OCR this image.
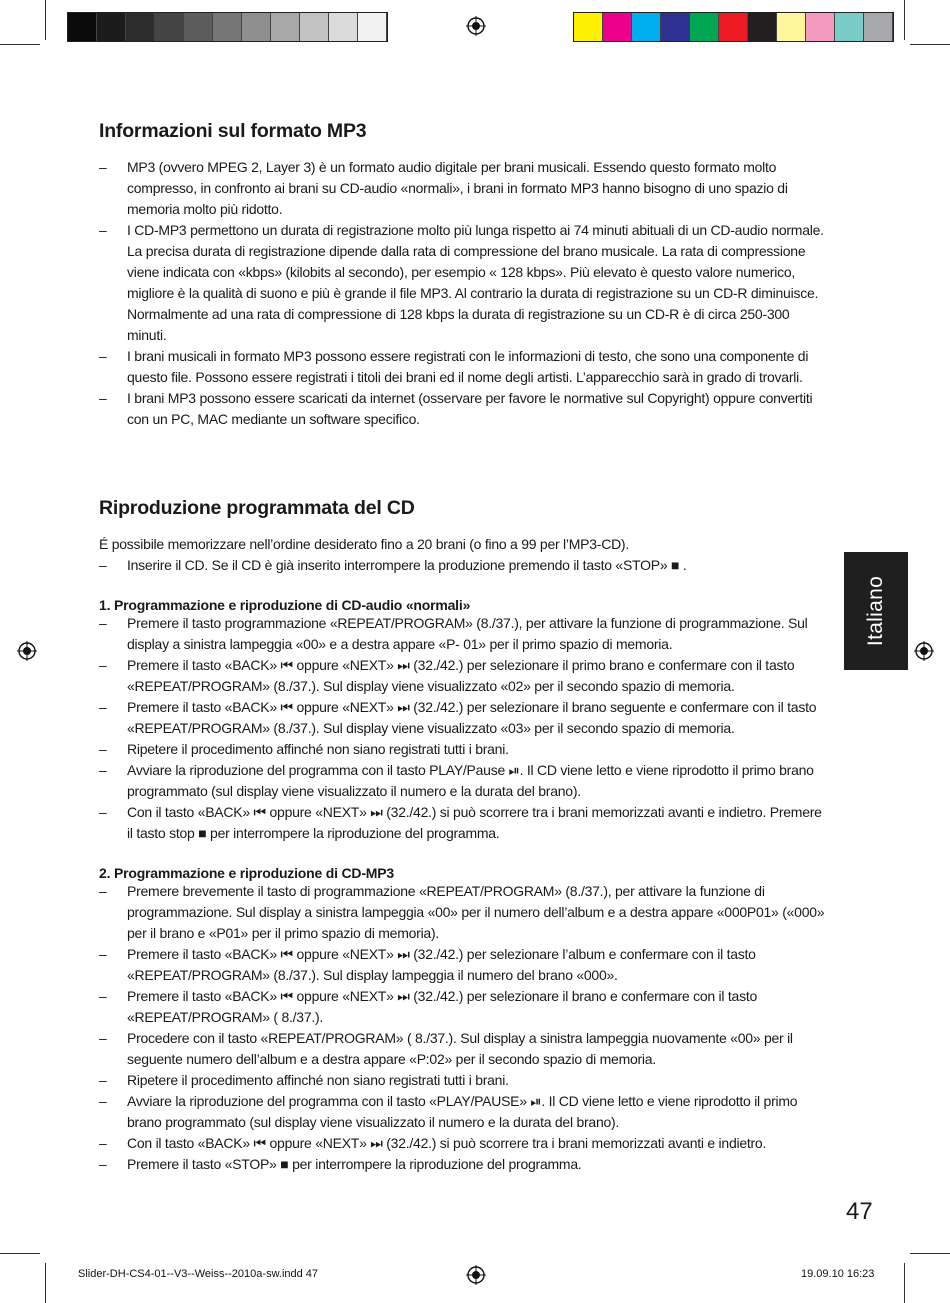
Italiano
Informazioni sul formato MP3
– MP3 (ovvero MPEG 2, Layer 3) è un formato audio digitale per brani musicali. Essendo questo formato molto compresso, in confronto ai brani su CD-audio «normali», i brani in formato MP3 hanno bisogno di uno spazio di memoria molto più ridotto.
– I CD-MP3 permettono un durata di registrazione molto più lunga rispetto ai 74 minuti abituali di un CD-audio normale. La precisa durata di registrazione dipende dalla rata di compressione del brano musicale. La rata di compressione viene indicata con «kbps» (kilobits al secondo), per esempio « 128 kbps». Più elevato è questo valore numerico, migliore è la qualità di suono e più è grande il file MP3. Al contrario la durata di registrazione su un CD-R diminuisce. Normalmente ad una rata di compressione di 128 kbps la durata di registrazione su un CD-R è di circa 250-300 minuti.
– I brani musicali in formato MP3 possono essere registrati con le informazioni di testo, che sono una componente di questo file. Possono essere registrati i titoli dei brani ed il nome degli artisti. L’apparecchio sarà in grado di trovarli.
– I brani MP3 possono essere scaricati da internet (osservare per favore le normative sul Copyright) oppure convertiti con un PC, MAC mediante un software specifico.
Riproduzione programmata del CD
É possibile memorizzare nell’ordine desiderato fino a 20 brani (o fino a 99 per l’MP3-CD).
– Inserire il CD. Se il CD è già inserito interrompere la produzione premendo il tasto «STOP» ■ .
1. Programmazione e riproduzione di CD-audio «normali»
– Premere il tasto programmazione «REPEAT/PROGRAM» (8./37.), per attivare la funzione di programmazione. Sul display a sinistra lampeggia «00» e a destra appare «P- 01» per il primo spazio di memoria.
– Premere il tasto «BACK» ⏮ oppure «NEXT» ⏭ (32./42.) per selezionare il primo brano e confermare con il tasto «REPEAT/PROGRAM» (8./37.). Sul display viene visualizzato «02» per il secondo spazio di memoria.
– Premere il tasto «BACK» ⏮ oppure «NEXT» ⏭ (32./42.) per selezionare il brano seguente e confermare con il tasto «REPEAT/PROGRAM» (8./37.). Sul display viene visualizzato «03» per il secondo spazio di memoria.
– Ripetere il procedimento affinché non siano registrati tutti i brani.
– Avviare la riproduzione del programma con il tasto PLAY/Pause ⏯. Il CD viene letto e viene riprodotto il primo brano programmato (sul display viene visualizzato il numero e la durata del brano).
– Con il tasto «BACK» ⏮ oppure «NEXT» ⏭ (32./42.) si può scorrere tra i brani memorizzati avanti e indietro. Premere il tasto stop ■ per interrompere la riproduzione del programma.
2. Programmazione e riproduzione di CD-MP3
– Premere brevemente il tasto di programmazione «REPEAT/PROGRAM» (8./37.), per attivare la funzione di programmazione. Sul display a sinistra lampeggia «00» per il numero dell’album e a destra appare «000P01» («000» per il brano e «P01» per il primo spazio di memoria).
– Premere il tasto «BACK» ⏮ oppure «NEXT» ⏭ (32./42.) per selezionare l’album e confermare con il tasto «REPEAT/PROGRAM» (8./37.). Sul display lampeggia il numero del brano «000».
– Premere il tasto «BACK» ⏮ oppure «NEXT» ⏭ (32./42.) per selezionare il brano e confermare con il tasto «REPEAT/PROGRAM» ( 8./37.).
– Procedere con il tasto «REPEAT/PROGRAM» ( 8./37.). Sul display a sinistra lampeggia nuovamente «00» per il seguente numero dell’album e a destra appare «P:02» per il secondo spazio di memoria.
– Ripetere il procedimento affinché non siano registrati tutti i brani.
– Avviare la riproduzione del programma con il tasto «PLAY/PAUSE» ⏯. Il CD viene letto e viene riprodotto il primo brano programmato (sul display viene visualizzato il numero e la durata del brano).
– Con il tasto «BACK» ⏮ oppure «NEXT» ⏭ (32./42.) si può scorrere tra i brani memorizzati avanti e indietro.
– Premere il tasto «STOP» ■ per interrompere la riproduzione del programma.
47
Slider-DH-CS4-01--V3--Weiss--2010a-sw.indd 47	19.09.10 16:23
